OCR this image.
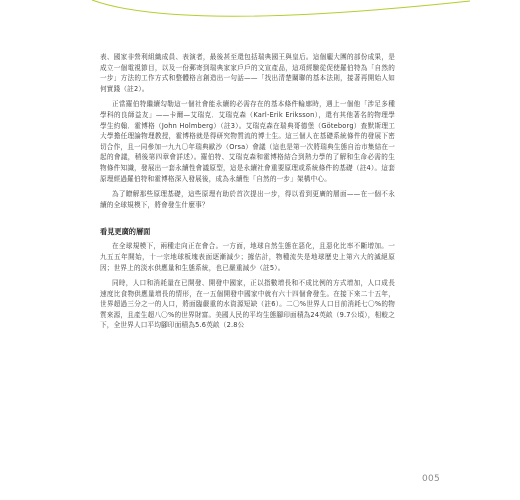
表、國家非營利組織成員、表演者，最後甚至還包括瑞典國王與皇后。這個龐大團的部份成果，是成立一個電視節目，以及一份郵寄到瑞典家家戶戶的文宣產品，這項經驗從促使羅伯特為「自然的一步」方法的工作方式和整體格言創造出一句話——「找出清楚關聯的基本法則，接著再開始人如何實踐（註2）。

正當羅伯特繼續勾勒這一個社會能永續的必需存在的基本條件輪廓時，遇上一個他「涉足多種學科的良師益友」——卡爾—艾瑞克．艾瑞克森（Karl-Erik Eriksson），還有其他著名的物理學學生約翰．霍博格（John Holmberg）（註3）。艾瑞克森在瑞典哥德堡（Göteborg）查默斯理工大學擔任理論物理教授，霍博格就是得研究物質流的博士生。這三個人在基礎系統條件的發展下密切合作，且一同參加一九九〇年瑞典歐沙（Orsa）會議（這也是第一次將瑞典生態自治市集結在一起的會議，稍後第四章會詳述）。羅伯特、艾瑞克森和霍博格結合到熱力學的了解和生命必需的生物條件知識，發展出一套永續性會議原型，這是永續社會重要原理或系統條件的基礎（註4）。這套原理經過羅伯特和霍博格深入發展後，成為永續性「自然的一步」架構中心。

為了瞭解那些原理基礎，這些原理有助於首次提出一步，得以看到更廣的層面——在一個不永續的全球規模下，將會發生什麼事？

看見更廣的層面

在全球規模下，兩種走向正在會合。一方面，地球自然生態在惡化，且惡化比率不斷增加。一九五五年開始，十一宗地球板塊表面逐漸減少；據估計，物種流失是地球歷史上第六大的滅絕原因；世界上的淡水供應量和生態系統，也已嚴重減少（註5）。

同時，人口和消耗量在已開發、開發中國家，正以指數增長和不成比例的方式增加，人口成長速度比食物供應量增長的情形，在一五個開發中國家中就有六十四個會發生。在接下來二十五年，世界超過三分之一的人口，將面臨嚴重的水資源短缺（註6）。二〇%世界人口目前消耗七〇%的物質來源，且產生超八〇%的世界財富。美國人民的平均生態腳印面積為24英畝（9.7公頃），相較之下，全世界人口平均腳印面積為5.6英畝（2.8公

005
